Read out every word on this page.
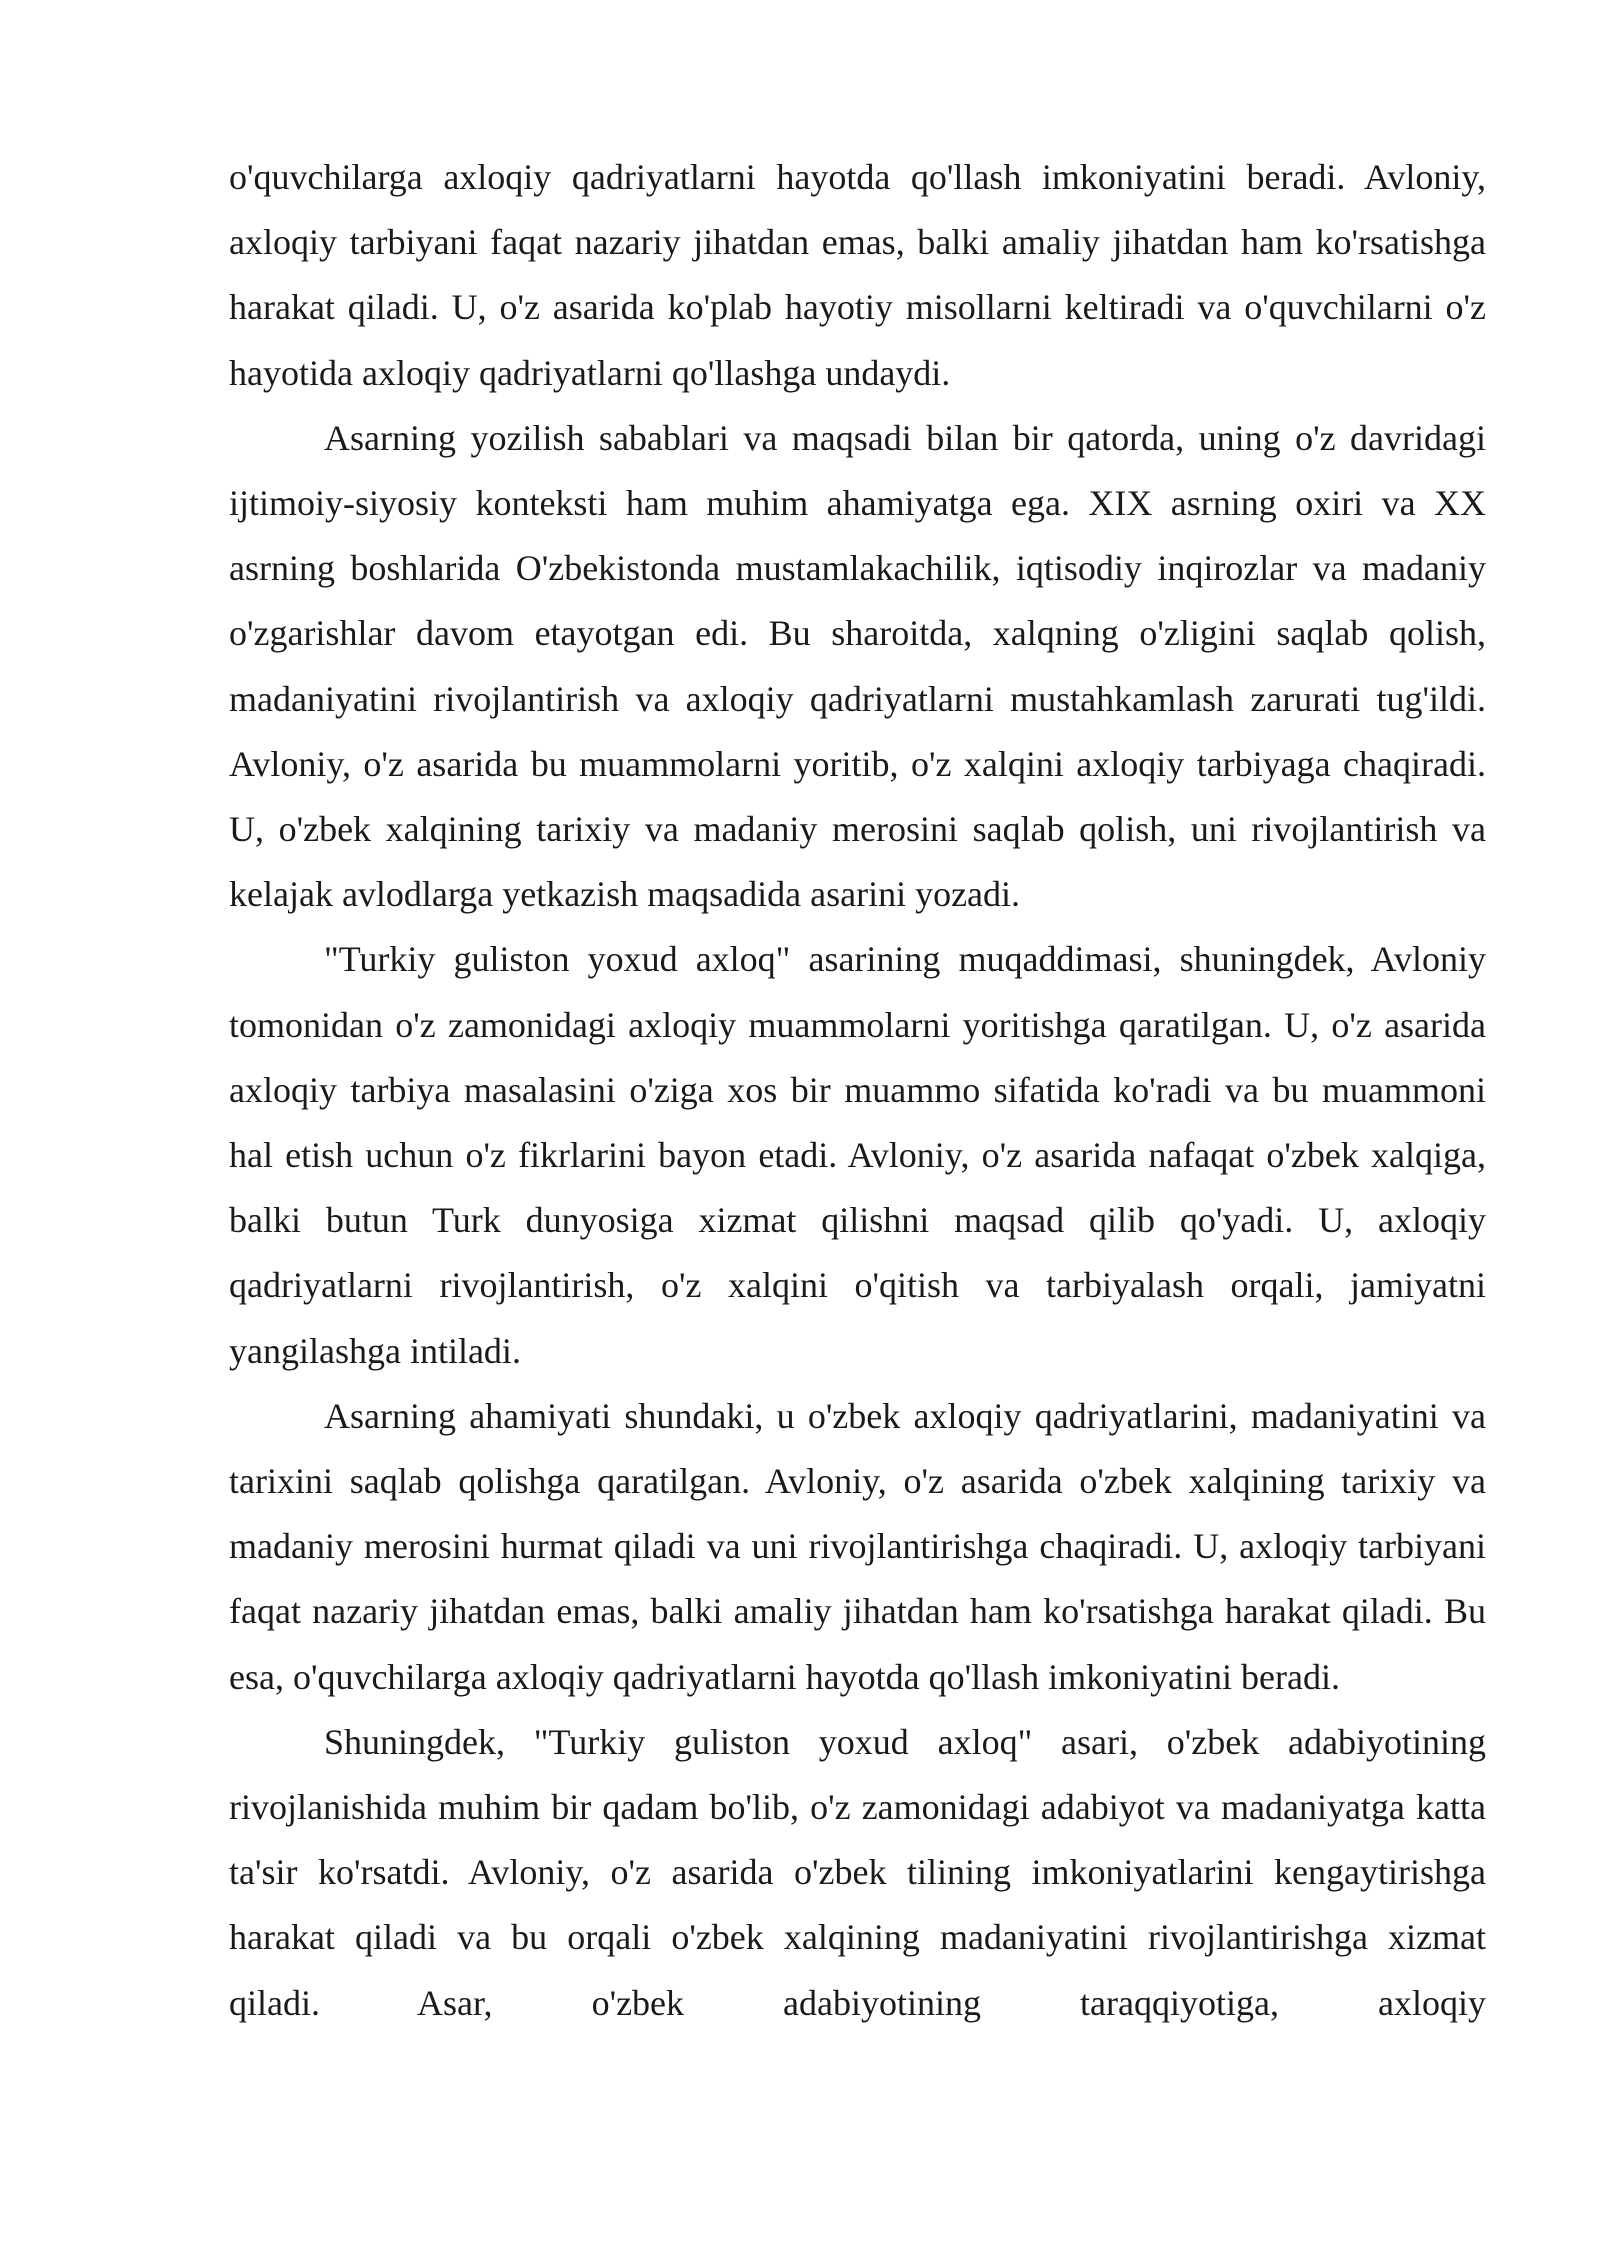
o'quvchilarga axloqiy qadriyatlarni hayotda qo'llash imkoniyatini beradi. Avloniy, axloqiy tarbiyani faqat nazariy jihatdan emas, balki amaliy jihatdan ham ko'rsatishga harakat qiladi. U, o'z asarida ko'plab hayotiy misollarni keltiradi va o'quvchilarni o'z hayotida axloqiy qadriyatlarni qo'llashga undaydi.

Asarning yozilish sabablari va maqsadi bilan bir qatorda, uning o'z davridagi ijtimoiy-siyosiy konteksti ham muhim ahamiyatga ega. XIX asrning oxiri va XX asrning boshlarida O'zbekistonda mustamlakachilik, iqtisodiy inqirozlar va madaniy o'zgarishlar davom etayotgan edi. Bu sharoitda, xalqning o'zligini saqlab qolish, madaniyatini rivojlantirish va axloqiy qadriyatlarni mustahkamlash zarurati tug'ildi. Avloniy, o'z asarida bu muammolarni yoritib, o'z xalqini axloqiy tarbiyaga chaqiradi. U, o'zbek xalqining tarixiy va madaniy merosini saqlab qolish, uni rivojlantirish va kelajak avlodlarga yetkazish maqsadida asarini yozadi.

"Turkiy guliston yoxud axloq" asarining muqaddimasi, shuningdek, Avloniy tomonidan o'z zamonidagi axloqiy muammolarni yoritishga qaratilgan. U, o'z asarida axloqiy tarbiya masalasini o'ziga xos bir muammo sifatida ko'radi va bu muammoni hal etish uchun o'z fikrlarini bayon etadi. Avloniy, o'z asarida nafaqat o'zbek xalqiga, balki butun Turk dunyosiga xizmat qilishni maqsad qilib qo'yadi. U, axloqiy qadriyatlarni rivojlantirish, o'z xalqini o'qitish va tarbiyalash orqali, jamiyatni yangilashga intiladi.

Asarning ahamiyati shundaki, u o'zbek axloqiy qadriyatlarini, madaniyatini va tarixini saqlab qolishga qaratilgan. Avloniy, o'z asarida o'zbek xalqining tarixiy va madaniy merosini hurmat qiladi va uni rivojlantirishga chaqiradi. U, axloqiy tarbiyani faqat nazariy jihatdan emas, balki amaliy jihatdan ham ko'rsatishga harakat qiladi. Bu esa, o'quvchilarga axloqiy qadriyatlarni hayotda qo'llash imkoniyatini beradi.

Shuningdek, "Turkiy guliston yoxud axloq" asari, o'zbek adabiyotining rivojlanishida muhim bir qadam bo'lib, o'z zamonidagi adabiyot va madaniyatga katta ta'sir ko'rsatdi. Avloniy, o'z asarida o'zbek tilining imkoniyatlarini kengaytirishga harakat qiladi va bu orqali o'zbek xalqining madaniyatini rivojlantirishga xizmat qiladi. Asar, o'zbek adabiyotining taraqqiyotiga, axloqiy
